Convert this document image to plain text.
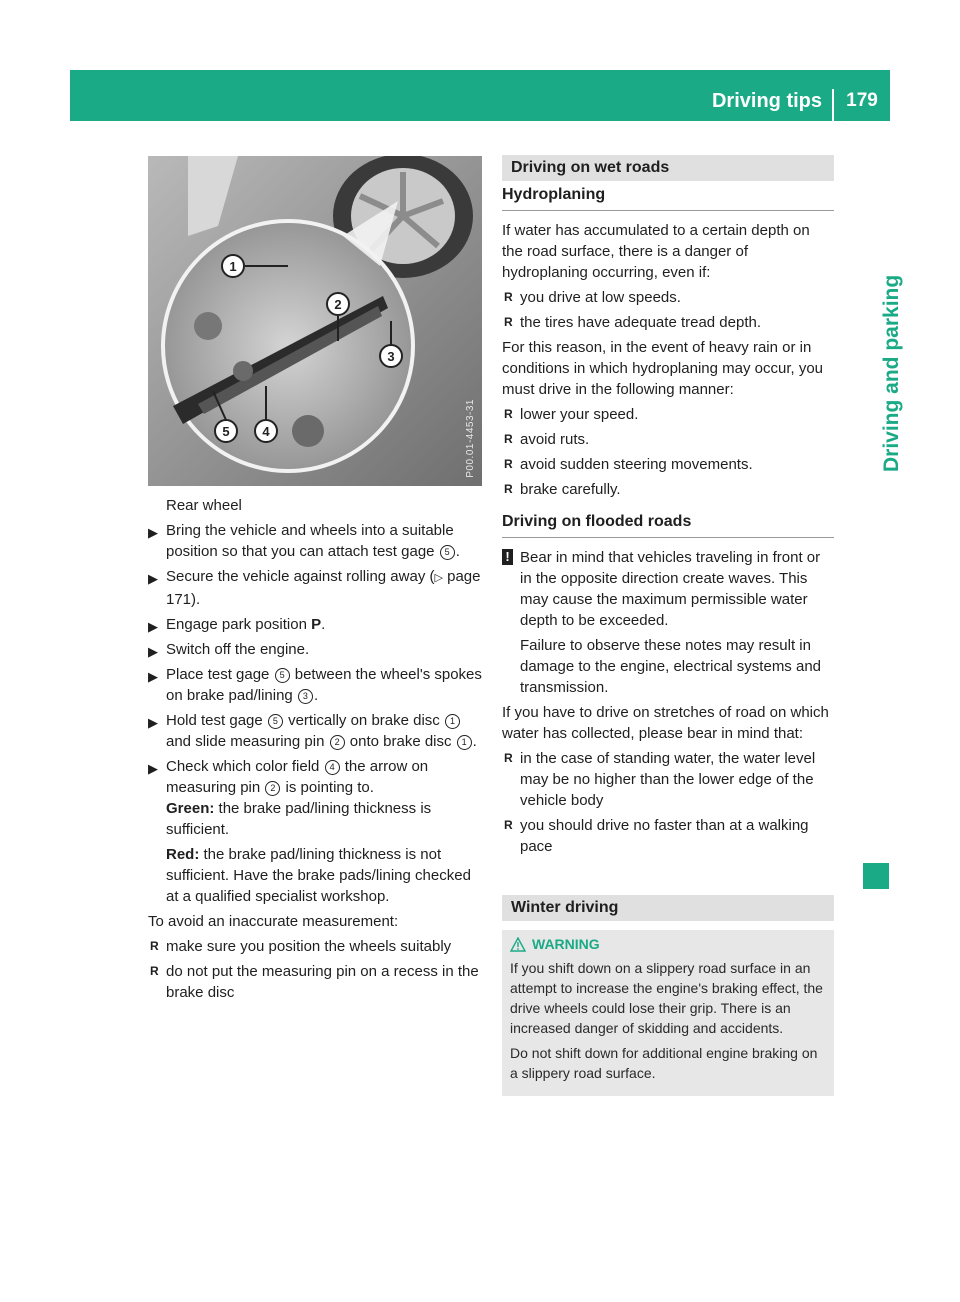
Driving tips	179
Driving and parking
1
2
3
4
5	P00.01-4453-31
Rear wheel
▶ Bring the vehicle and wheels into a suitable position so that you can attach test gage 5 .
▶ Secure the vehicle against rolling away (▷ page 171).
▶ Engage park position P.
▶ Switch off the engine.
▶ Place test gage 5 between the wheel's spokes on brake pad/lining 3 .
▶ Hold test gage 5 vertically on brake disc 1 and slide measuring pin 2 onto brake disc 1 .
▶ Check which color field 4 the arrow on measuring pin 2 is pointing to.
Green: the brake pad/lining thickness is sufficient.
Red: the brake pad/lining thickness is not sufficient. Have the brake pads/lining checked at a qualified specialist workshop.
To avoid an inaccurate measurement:
R make sure you position the wheels suitably
R do not put the measuring pin on a recess in the brake disc
Driving on wet roads
Hydroplaning
If water has accumulated to a certain depth on the road surface, there is a danger of hydroplaning occurring, even if:
R you drive at low speeds.
R the tires have adequate tread depth.
For this reason, in the event of heavy rain or in conditions in which hydroplaning may occur, you must drive in the following manner:
R lower your speed.
R avoid ruts.
R avoid sudden steering movements.
R brake carefully.
Driving on flooded roads
! Bear in mind that vehicles traveling in front or in the opposite direction create waves. This may cause the maximum permissible water depth to be exceeded.
Failure to observe these notes may result in damage to the engine, electrical systems and transmission.
If you have to drive on stretches of road on which water has collected, please bear in mind that:
R in the case of standing water, the water level may be no higher than the lower edge of the vehicle body
R you should drive no faster than at a walking pace
Winter driving
WARNING
If you shift down on a slippery road surface in an attempt to increase the engine's braking effect, the drive wheels could lose their grip. There is an increased danger of skidding and accidents.
Do not shift down for additional engine braking on a slippery road surface.
